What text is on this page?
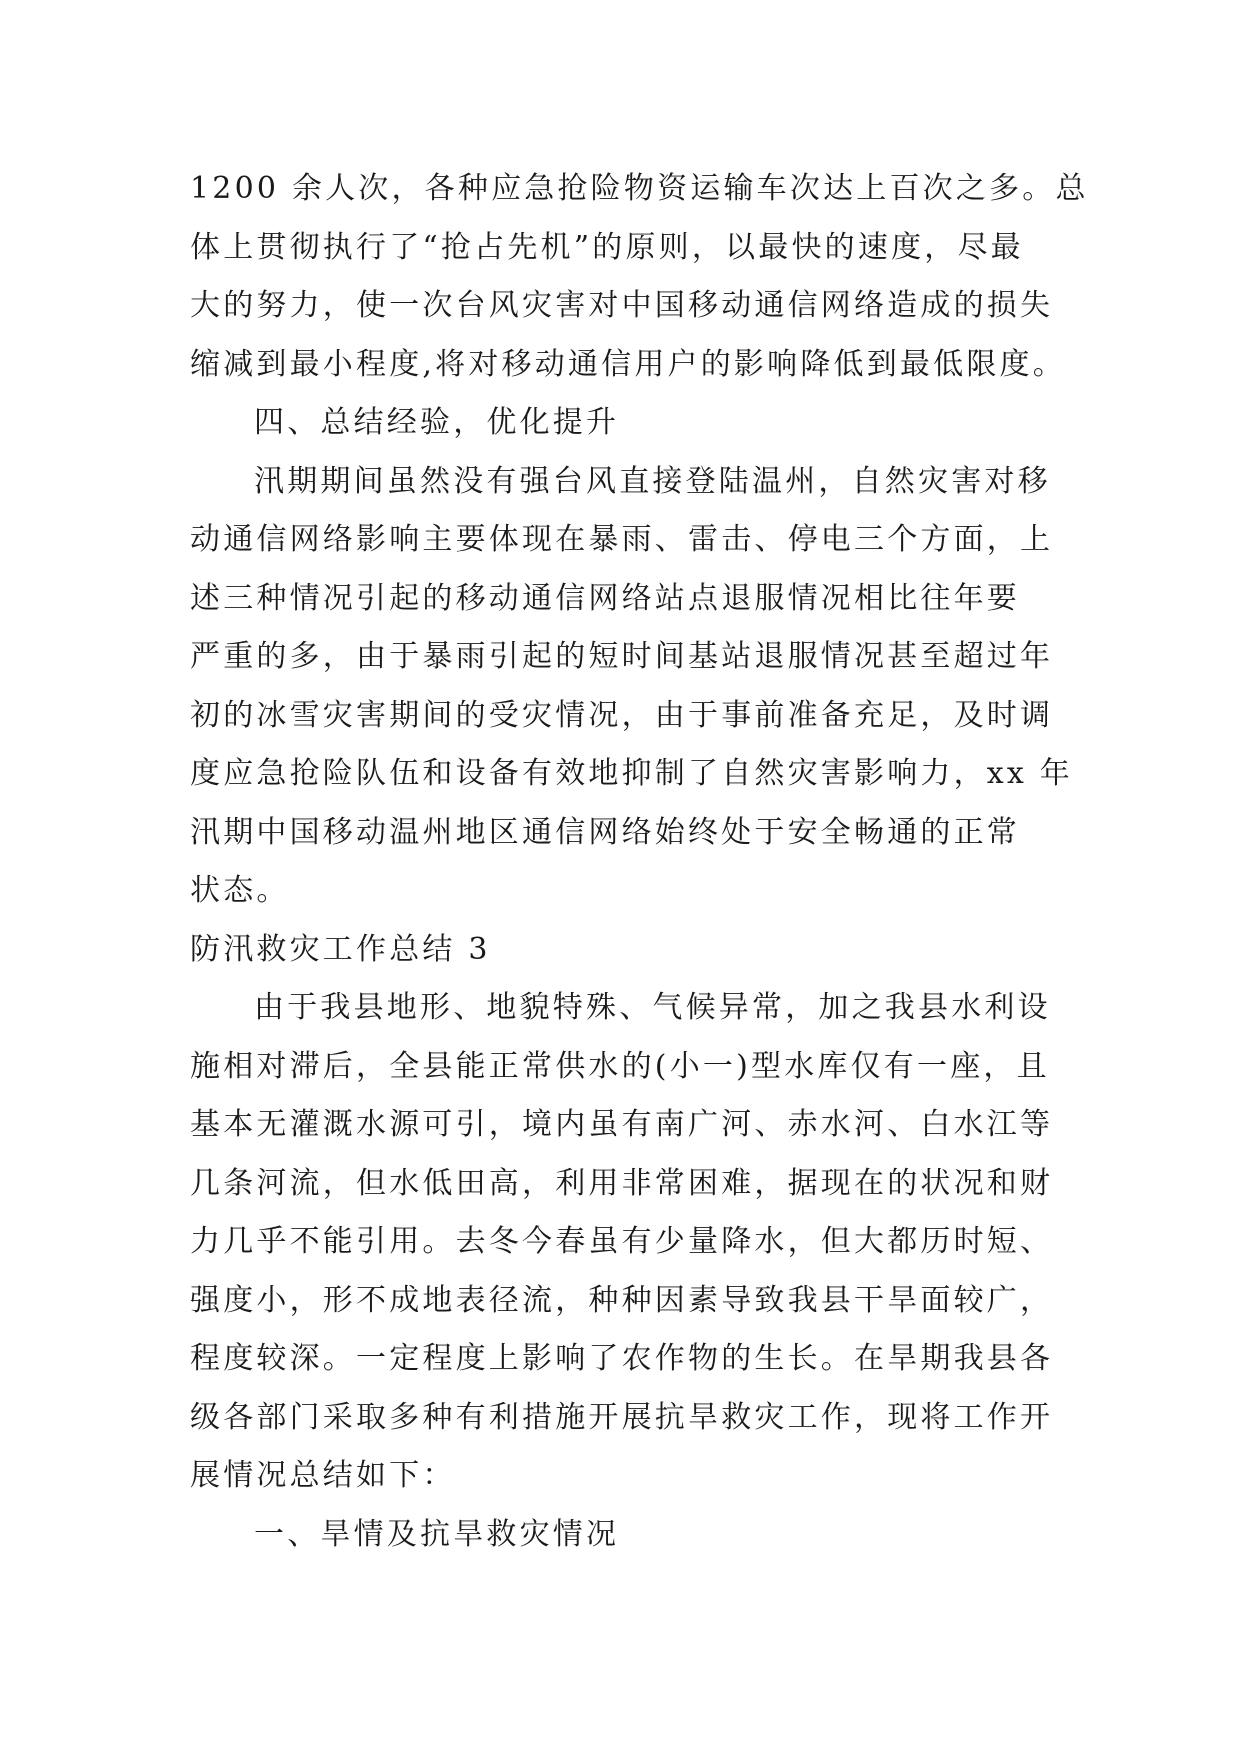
1200 余人次，各种应急抢险物资运输车次达上百次之多。总
体上贯彻执行了“抢占先机”的原则，以最快的速度，尽最
大的努力，使一次台风灾害对中国移动通信网络造成的损失
缩减到最小程度,将对移动通信用户的影响降低到最低限度。
四、总结经验，优化提升
汛期期间虽然没有强台风直接登陆温州，自然灾害对移
动通信网络影响主要体现在暴雨、雷击、停电三个方面，上
述三种情况引起的移动通信网络站点退服情况相比往年要
严重的多，由于暴雨引起的短时间基站退服情况甚至超过年
初的冰雪灾害期间的受灾情况，由于事前准备充足，及时调
度应急抢险队伍和设备有效地抑制了自然灾害影响力，xx 年
汛期中国移动温州地区通信网络始终处于安全畅通的正常
状态。
防汛救灾工作总结 3
由于我县地形、地貌特殊、气候异常，加之我县水利设
施相对滞后，全县能正常供水的(小一)型水库仅有一座，且
基本无灌溉水源可引，境内虽有南广河、赤水河、白水江等
几条河流，但水低田高，利用非常困难，据现在的状况和财
力几乎不能引用。去冬今春虽有少量降水，但大都历时短、
强度小，形不成地表径流，种种因素导致我县干旱面较广，
程度较深。一定程度上影响了农作物的生长。在旱期我县各
级各部门采取多种有利措施开展抗旱救灾工作，现将工作开
展情况总结如下：
一、旱情及抗旱救灾情况
